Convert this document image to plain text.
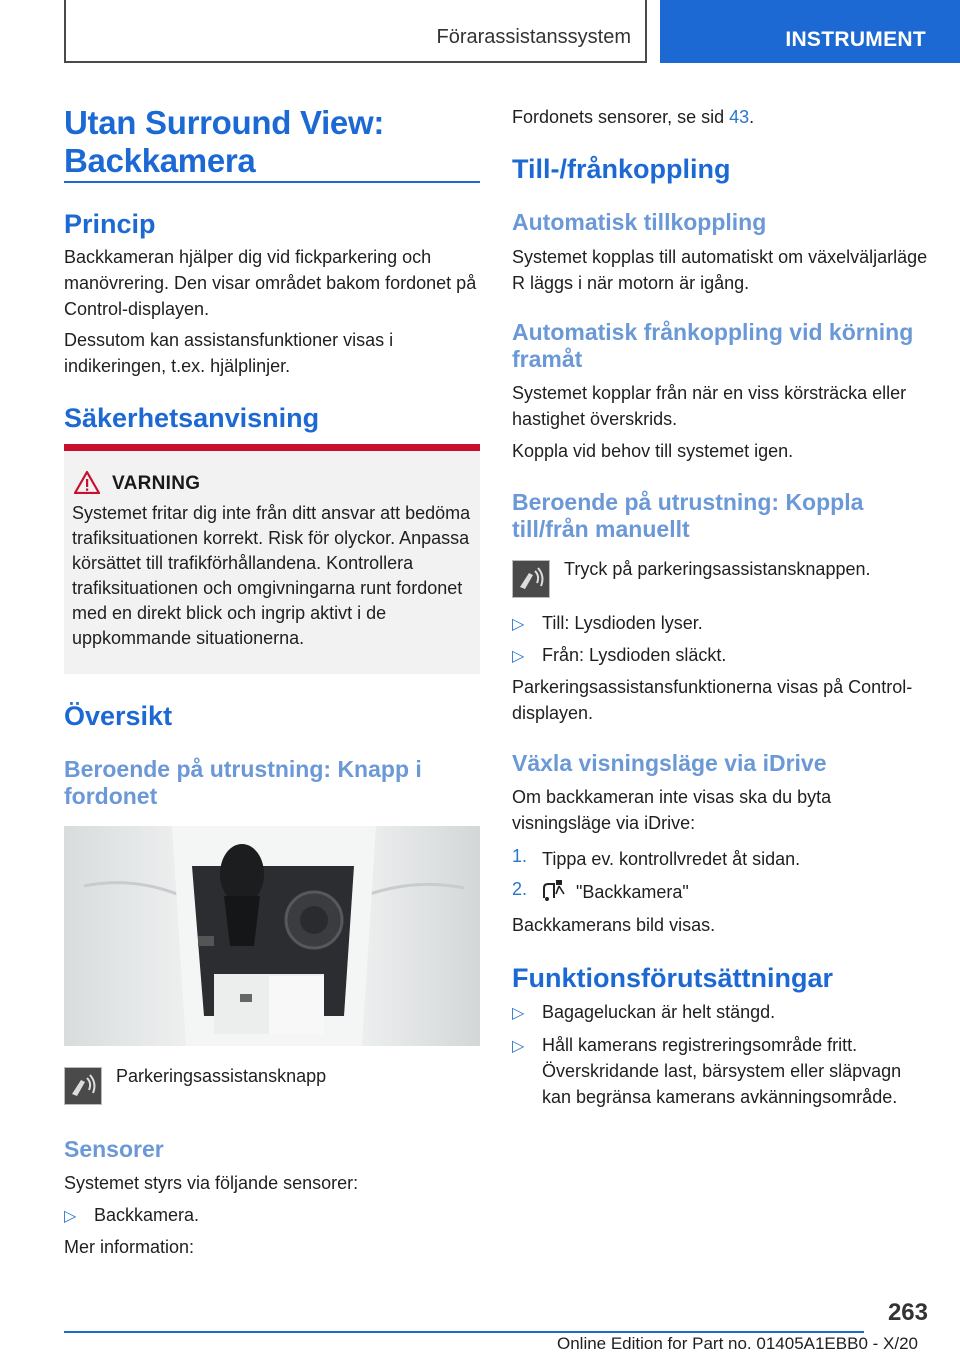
Förarassistanssystem	INSTRUMENT
Utan Surround View: Backkamera
Princip
Backkameran hjälper dig vid fickparkering och manövrering. Den visar området bakom fordonet på Control-displayen.
Dessutom kan assistansfunktioner visas i indikeringen, t.ex. hjälplinjer.
Säkerhetsanvisning
VARNING
Systemet fritar dig inte från ditt ansvar att bedöma trafiksituationen korrekt. Risk för olyckor. Anpassa körsättet till trafikförhållandena. Kontrollera trafiksituationen och omgivningarna runt fordonet med en direkt blick och ingrip aktivt i de uppkommande situationerna.
Översikt
Beroende på utrustning: Knapp i fordonet
Parkeringsassistansknapp
Sensorer
Systemet styrs via följande sensorer:
▷ Backkamera.
Mer information:
Fordonets sensorer, se sid 43.
Till-/frånkoppling
Automatisk tillkoppling
Systemet kopplas till automatiskt om växelväljarläge R läggs i när motorn är igång.
Automatisk frånkoppling vid körning framåt
Systemet kopplar från när en viss körsträcka eller hastighet överskrids.
Koppla vid behov till systemet igen.
Beroende på utrustning: Koppla till/från manuellt
Tryck på parkeringsassistansknappen.
▷ Till: Lysdioden lyser.
▷ Från: Lysdioden släckt.
Parkeringsassistansfunktionerna visas på Control-displayen.
Växla visningsläge via iDrive
Om backkameran inte visas ska du byta visningsläge via iDrive:
1. Tippa ev. kontrollvredet åt sidan.
2.	"Backkamera"
Backkamerans bild visas.
Funktionsförutsättningar
▷ Bagageluckan är helt stängd.
▷ Håll kamerans registreringsområde fritt. Överskridande last, bärsystem eller släpvagn kan begränsa kamerans avkänningsområde.
263
Online Edition for Part no. 01405A1EBB0 - X/20
